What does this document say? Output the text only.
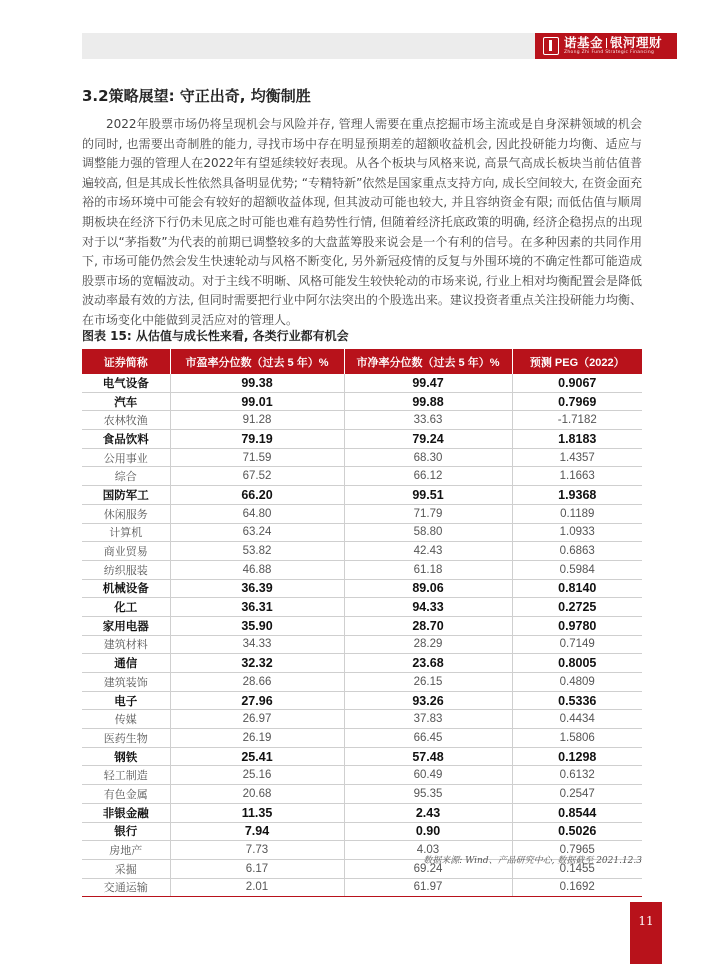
诺基金 银河理财
Zhong Zhi Fund Strategic Financing
3.2策略展望: 守正出奇, 均衡制胜

2022年股票市场仍将呈现机会与风险并存, 管理人需要在重点挖掘市场主流或是自身深耕领域的机会的同时, 也需要出奇制胜的能力, 寻找市场中存在明显预期差的超额收益机会, 因此投研能力均衡、适应与调整能力强的管理人在2022年有望延续较好表现。从各个板块与风格来说, 高景气高成长板块当前估值普遍较高, 但是其成长性依然具备明显优势; “专精特新”依然是国家重点支持方向, 成长空间较大, 在资金面充裕的市场环境中可能会有较好的超额收益体现, 但其波动可能也较大, 并且容纳资金有限; 而低估值与顺周期板块在经济下行仍未见底之时可能也难有趋势性行情, 但随着经济托底政策的明确, 经济企稳拐点的出现对于以“茅指数”为代表的前期已调整较多的大盘蓝筹股来说会是一个有利的信号。在多种因素的共同作用下, 市场可能仍然会发生快速轮动与风格不断变化, 另外新冠疫情的反复与外围环境的不确定性都可能造成股票市场的宽幅波动。对于主线不明晰、风格可能发生较快轮动的市场来说, 行业上相对均衡配置会是降低波动率最有效的方法, 但同时需要把行业中阿尔法突出的个股选出来。建议投资者重点关注投研能力均衡、在市场变化中能做到灵活应对的管理人。

图表 15: 从估值与成长性来看, 各类行业都有机会
证券简称	市盈率分位数（过去 5 年）%	市净率分位数（过去 5 年）%	预测 PEG（2022）
电气设备	99.38	99.47	0.9067
汽车	99.01	99.88	0.7969
农林牧渔	91.28	33.63	-1.7182
食品饮料	79.19	79.24	1.8183
公用事业	71.59	68.30	1.4357
综合	67.52	66.12	1.1663
国防军工	66.20	99.51	1.9368
休闲服务	64.80	71.79	0.1189
计算机	63.24	58.80	1.0933
商业贸易	53.82	42.43	0.6863
纺织服装	46.88	61.18	0.5984
机械设备	36.39	89.06	0.8140
化工	36.31	94.33	0.2725
家用电器	35.90	28.70	0.9780
建筑材料	34.33	28.29	0.7149
通信	32.32	23.68	0.8005
建筑装饰	28.66	26.15	0.4809
电子	27.96	93.26	0.5336
传媒	26.97	37.83	0.4434
医药生物	26.19	66.45	1.5806
钢铁	25.41	57.48	0.1298
轻工制造	25.16	60.49	0.6132
有色金属	20.68	95.35	0.2547
非银金融	11.35	2.43	0.8544
银行	7.94	0.90	0.5026
房地产	7.73	4.03	0.7965
采掘	6.17	69.24	0.1455
交通运输	2.01	61.97	0.1692
数据来源: Wind、产品研究中心, 数据截至 2021.12.3
11
